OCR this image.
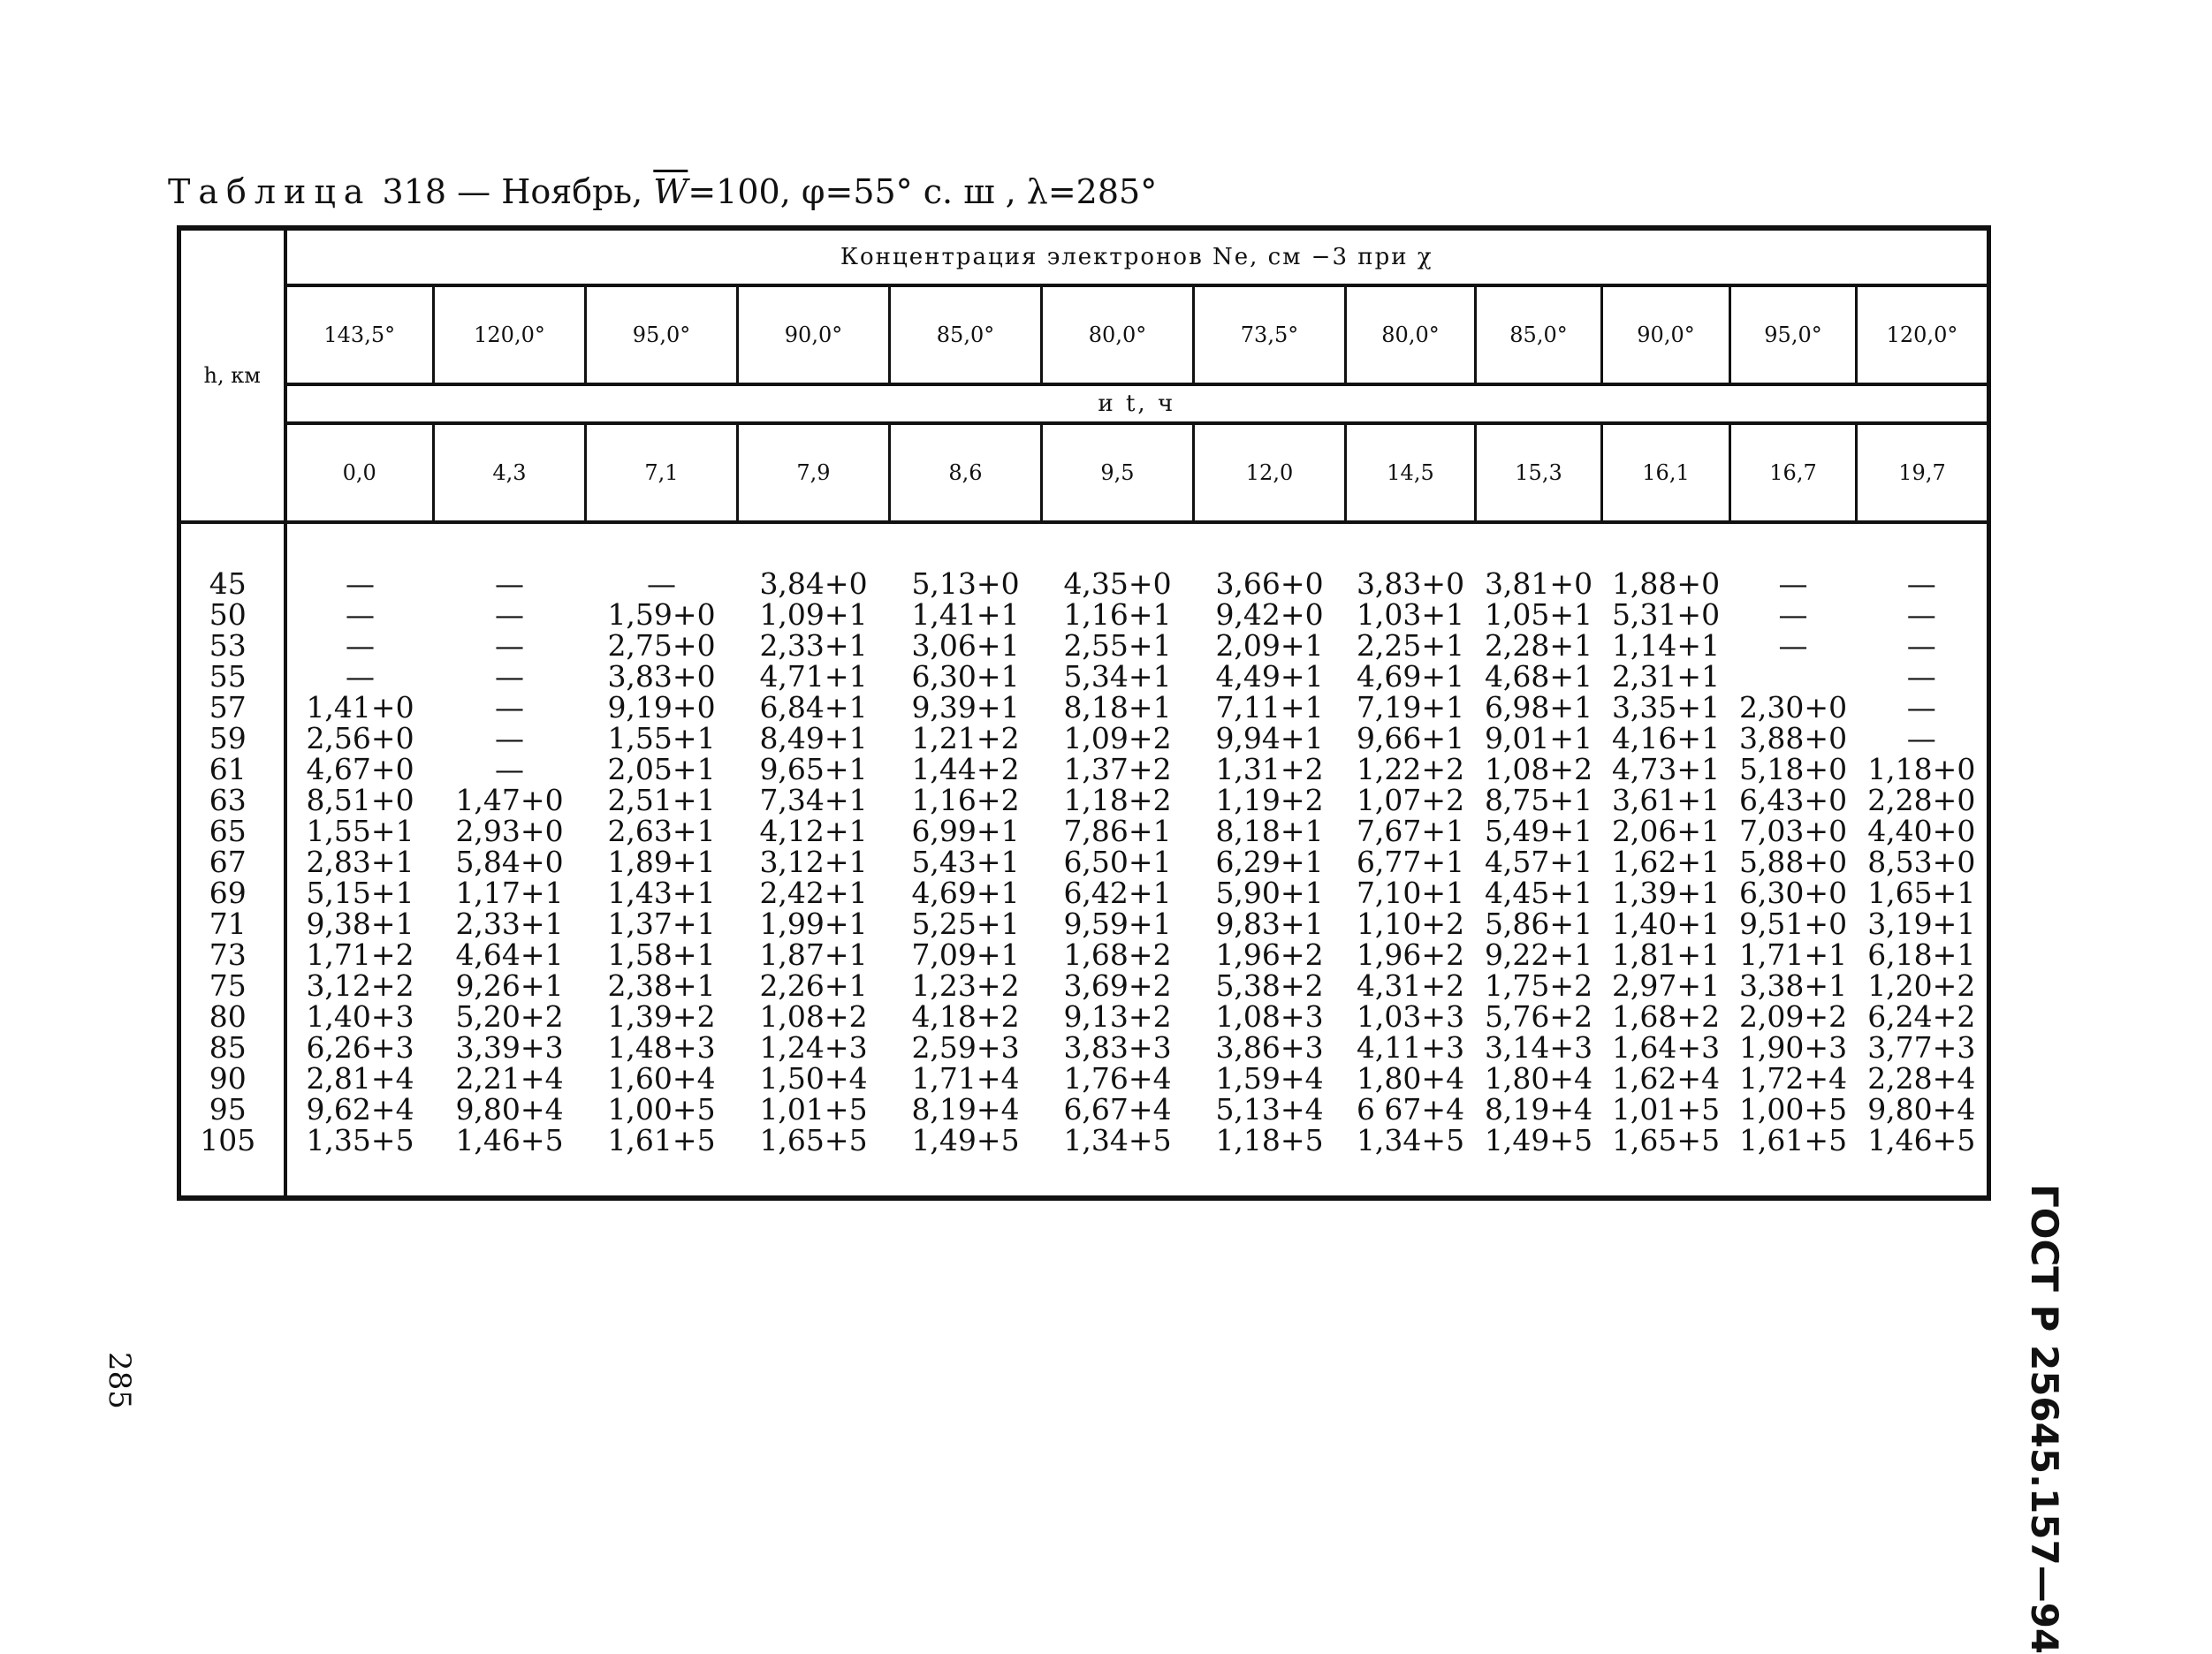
Таблица 318 — Ноябрь, $\overline{W}=100$, φ=55° с. ш , λ=285°
h, км	Концентрация электронов Nе, см −3 при χ											
	143,5°	120,0°	95,0°	90,0°	85,0°	80,0°	73,5°	80,0°	85,0°	90,0°	95,0°	120,0°
	и t, ч											
	0,0	4,3	7,1	7,9	8,6	9,5	12,0	14,5	15,3	16,1	16,7	19,7

45	—	—	—	3,84+0	5,13+0	4,35+0	3,66+0	3,83+0	3,81+0	1,88+0	—	—
50	—	—	1,59+0	1,09+1	1,41+1	1,16+1	9,42+0	1,03+1	1,05+1	5,31+0	—	—
53	—	—	2,75+0	2,33+1	3,06+1	2,55+1	2,09+1	2,25+1	2,28+1	1,14+1	—	—
55	—	—	3,83+0	4,71+1	6,30+1	5,34+1	4,49+1	4,69+1	4,68+1	2,31+1		—
57	1,41+0	—	9,19+0	6,84+1	9,39+1	8,18+1	7,11+1	7,19+1	6,98+1	3,35+1	2,30+0	—
59	2,56+0	—	1,55+1	8,49+1	1,21+2	1,09+2	9,94+1	9,66+1	9,01+1	4,16+1	3,88+0	—
61	4,67+0	—	2,05+1	9,65+1	1,44+2	1,37+2	1,31+2	1,22+2	1,08+2	4,73+1	5,18+0	1,18+0
63	8,51+0	1,47+0	2,51+1	7,34+1	1,16+2	1,18+2	1,19+2	1,07+2	8,75+1	3,61+1	6,43+0	2,28+0
65	1,55+1	2,93+0	2,63+1	4,12+1	6,99+1	7,86+1	8,18+1	7,67+1	5,49+1	2,06+1	7,03+0	4,40+0
67	2,83+1	5,84+0	1,89+1	3,12+1	5,43+1	6,50+1	6,29+1	6,77+1	4,57+1	1,62+1	5,88+0	8,53+0
69	5,15+1	1,17+1	1,43+1	2,42+1	4,69+1	6,42+1	5,90+1	7,10+1	4,45+1	1,39+1	6,30+0	1,65+1
71	9,38+1	2,33+1	1,37+1	1,99+1	5,25+1	9,59+1	9,83+1	1,10+2	5,86+1	1,40+1	9,51+0	3,19+1
73	1,71+2	4,64+1	1,58+1	1,87+1	7,09+1	1,68+2	1,96+2	1,96+2	9,22+1	1,81+1	1,71+1	6,18+1
75	3,12+2	9,26+1	2,38+1	2,26+1	1,23+2	3,69+2	5,38+2	4,31+2	1,75+2	2,97+1	3,38+1	1,20+2
80	1,40+3	5,20+2	1,39+2	1,08+2	4,18+2	9,13+2	1,08+3	1,03+3	5,76+2	1,68+2	2,09+2	6,24+2
85	6,26+3	3,39+3	1,48+3	1,24+3	2,59+3	3,83+3	3,86+3	4,11+3	3,14+3	1,64+3	1,90+3	3,77+3
90	2,81+4	2,21+4	1,60+4	1,50+4	1,71+4	1,76+4	1,59+4	1,80+4	1,80+4	1,62+4	1,72+4	2,28+4
95	9,62+4	9,80+4	1,00+5	1,01+5	8,19+4	6,67+4	5,13+4	6 67+4	8,19+4	1,01+5	1,00+5	9,80+4
105	1,35+5	1,46+5	1,61+5	1,65+5	1,49+5	1,34+5	1,18+5	1,34+5	1,49+5	1,65+5	1,61+5	1,46+5

ГОСТ Р 25645.157—94
285
